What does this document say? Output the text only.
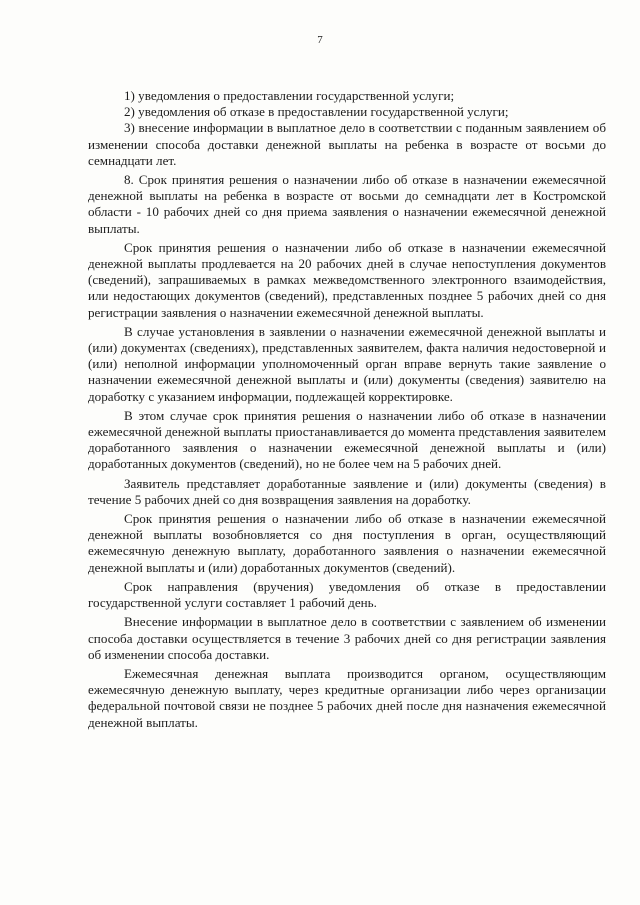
7

1) уведомления о предоставлении государственной услуги;

2) уведомления об отказе в предоставлении государственной услуги;

3) внесение информации в выплатное дело в соответствии с поданным заявлением об изменении способа доставки денежной выплаты на ребенка в возрасте от восьми до семнадцати лет.

8. Срок принятия решения о назначении либо об отказе в назначении ежемесячной денежной выплаты на ребенка в возрасте от восьми до семнадцати лет в Костромской области - 10 рабочих дней со дня приема заявления о назначении ежемесячной денежной выплаты.

Срок принятия решения о назначении либо об отказе в назначении ежемесячной денежной выплаты продлевается на 20 рабочих дней в случае непоступления документов (сведений), запрашиваемых в рамках межведомственного электронного взаимодействия, или недостающих документов (сведений), представленных позднее 5 рабочих дней со дня регистрации заявления о назначении ежемесячной денежной выплаты.

В случае установления в заявлении о назначении ежемесячной денежной выплаты и (или) документах (сведениях), представленных заявителем, факта наличия недостоверной и (или) неполной информации уполномоченный орган вправе вернуть такие заявление о назначении ежемесячной денежной выплаты и (или) документы (сведения) заявителю на доработку с указанием информации, подлежащей корректировке.

В этом случае срок принятия решения о назначении либо об отказе в назначении ежемесячной денежной выплаты приостанавливается до момента представления заявителем доработанного заявления о назначении ежемесячной денежной выплаты и (или) доработанных документов (сведений), но не более чем на 5 рабочих дней.

Заявитель представляет доработанные заявление и (или) документы (сведения) в течение 5 рабочих дней со дня возвращения заявления на доработку.

Срок принятия решения о назначении либо об отказе в назначении ежемесячной денежной выплаты возобновляется со дня поступления в орган, осуществляющий ежемесячную денежную выплату, доработанного заявления о назначении ежемесячной денежной выплаты и (или) доработанных документов (сведений).

Срок направления (вручения) уведомления об отказе в предоставлении государственной услуги составляет 1 рабочий день.

Внесение информации в выплатное дело в соответствии с заявлением об изменении способа доставки осуществляется в течение 3 рабочих дней со дня регистрации заявления об изменении способа доставки.

Ежемесячная денежная выплата производится органом, осуществляющим ежемесячную денежную выплату, через кредитные организации либо через организации федеральной почтовой связи не позднее 5 рабочих дней после дня назначения ежемесячной денежной выплаты.
